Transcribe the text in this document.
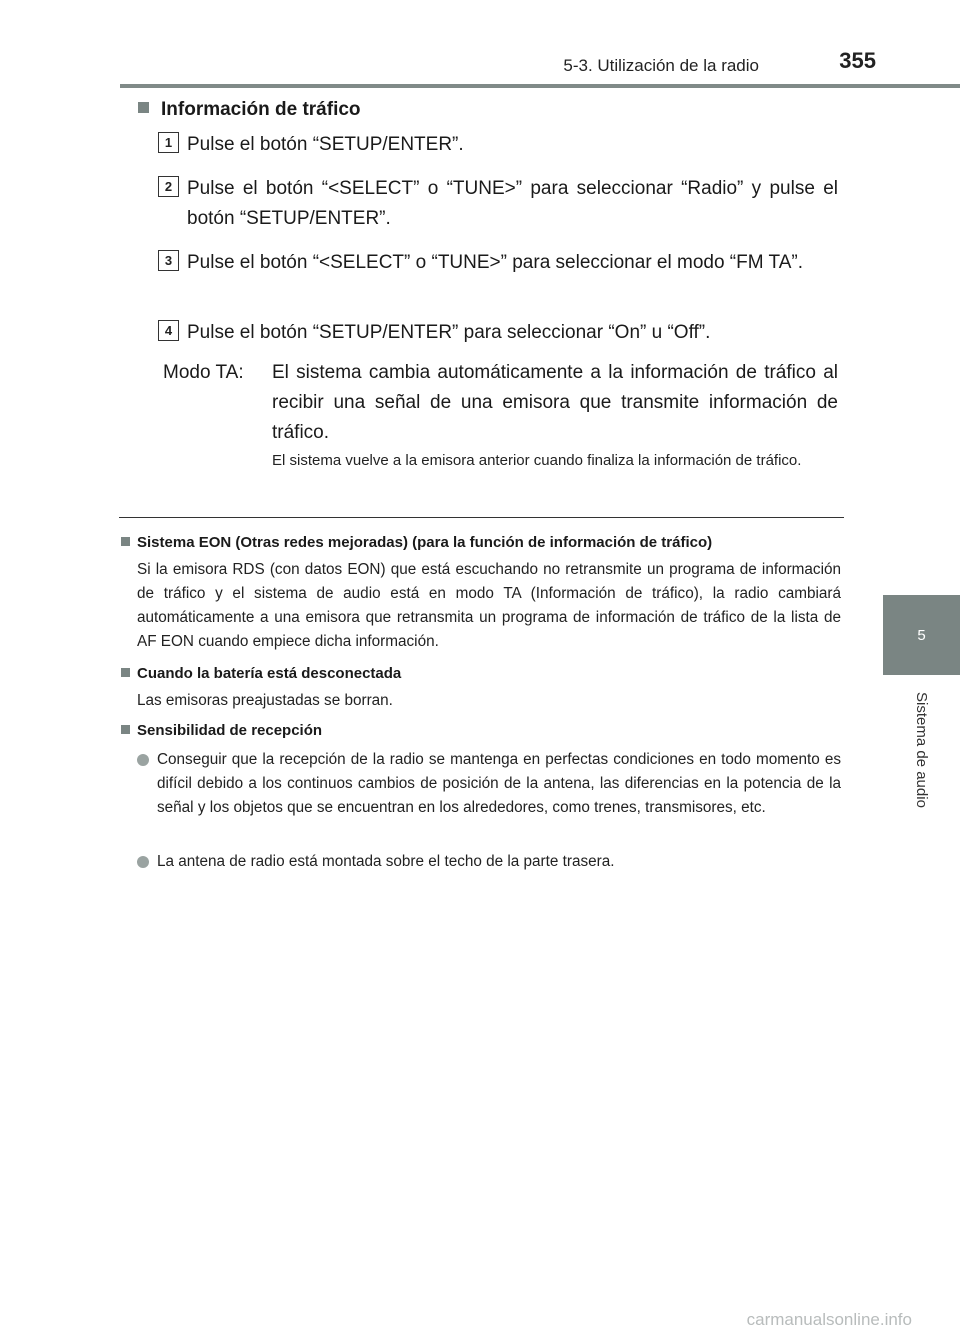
5-3. Utilización de la radio	355
5
Sistema de audio
Información de tráfico
1 Pulse el botón “SETUP/ENTER”.
2 Pulse el botón “<SELECT” o “TUNE>” para seleccionar “Radio” y pulse el botón “SETUP/ENTER”.
3 Pulse el botón “<SELECT” o “TUNE>” para seleccionar el modo “FM TA”.
4 Pulse el botón “SETUP/ENTER” para seleccionar “On” u “Off”.
Modo TA: El sistema cambia automáticamente a la información de tráfico al recibir una señal de una emisora que transmite información de tráfico.
El sistema vuelve a la emisora anterior cuando finaliza la información de tráfico.
Sistema EON (Otras redes mejoradas) (para la función de información de tráfico)
Si la emisora RDS (con datos EON) que está escuchando no retransmite un programa de información de tráfico y el sistema de audio está en modo TA (Información de tráfico), la radio cambiará automáticamente a una emisora que retransmita un programa de información de tráfico de la lista de AF EON cuando empiece dicha información.
Cuando la batería está desconectada
Las emisoras preajustadas se borran.
Sensibilidad de recepción
Conseguir que la recepción de la radio se mantenga en perfectas condiciones en todo momento es difícil debido a los continuos cambios de posición de la antena, las diferencias en la potencia de la señal y los objetos que se encuentran en los alrededores, como trenes, transmisores, etc.
La antena de radio está montada sobre el techo de la parte trasera.
carmanualsonline.info
